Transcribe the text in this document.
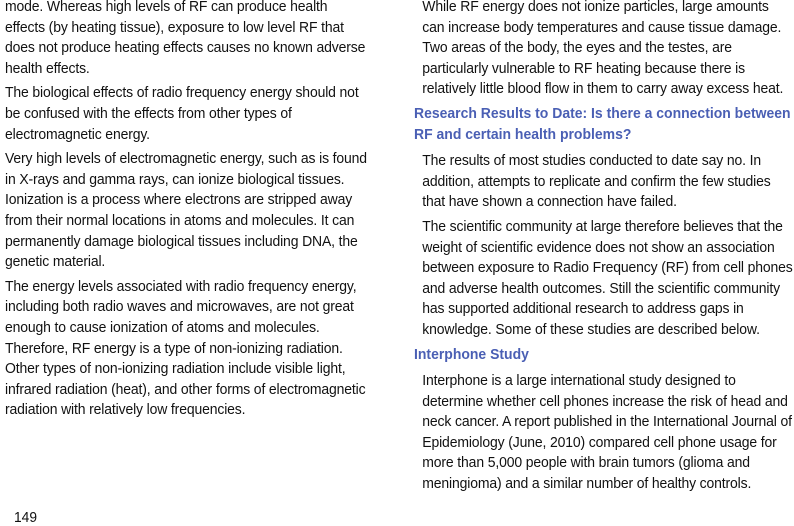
mode. Whereas high levels of RF can produce health effects (by heating tissue), exposure to low level RF that does not produce heating effects causes no known adverse health effects.

The biological effects of radio frequency energy should not be confused with the effects from other types of electromagnetic energy.

Very high levels of electromagnetic energy, such as is found in X-rays and gamma rays, can ionize biological tissues. Ionization is a process where electrons are stripped away from their normal locations in atoms and molecules. It can permanently damage biological tissues including DNA, the genetic material.

The energy levels associated with radio frequency energy, including both radio waves and microwaves, are not great enough to cause ionization of atoms and molecules. Therefore, RF energy is a type of non-ionizing radiation. Other types of non-ionizing radiation include visible light, infrared radiation (heat), and other forms of electromagnetic radiation with relatively low frequencies.

While RF energy does not ionize particles, large amounts can increase body temperatures and cause tissue damage. Two areas of the body, the eyes and the testes, are particularly vulnerable to RF heating because there is relatively little blood flow in them to carry away excess heat.

Research Results to Date: Is there a connection between RF and certain health problems?

The results of most studies conducted to date say no. In addition, attempts to replicate and confirm the few studies that have shown a connection have failed.

The scientific community at large therefore believes that the weight of scientific evidence does not show an association between exposure to Radio Frequency (RF) from cell phones and adverse health outcomes. Still the scientific community has supported additional research to address gaps in knowledge. Some of these studies are described below.

Interphone Study

Interphone is a large international study designed to determine whether cell phones increase the risk of head and neck cancer. A report published in the International Journal of Epidemiology (June, 2010) compared cell phone usage for more than 5,000 people with brain tumors (glioma and meningioma) and a similar number of healthy controls.

149
